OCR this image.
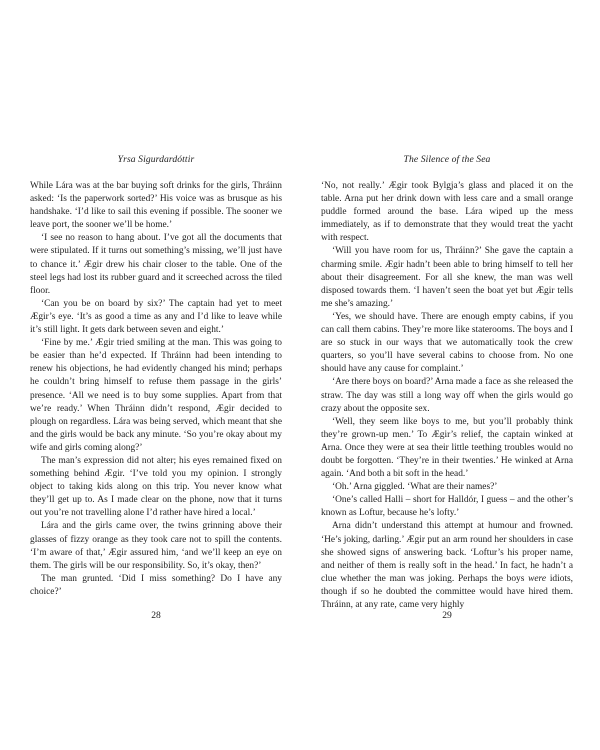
Yrsa Sigurdardóttir

While Lára was at the bar buying soft drinks for the girls, Thráinn asked: ‘Is the paperwork sorted?’ His voice was as brusque as his handshake. ‘I’d like to sail this evening if possible. The sooner we leave port, the sooner we’ll be home.’

‘I see no reason to hang about. I’ve got all the documents that were stipulated. If it turns out something’s missing, we’ll just have to chance it.’ Ægir drew his chair closer to the table. One of the steel legs had lost its rubber guard and it screeched across the tiled floor.

‘Can you be on board by six?’ The captain had yet to meet Ægir’s eye. ‘It’s as good a time as any and I’d like to leave while it’s still light. It gets dark between seven and eight.’

‘Fine by me.’ Ægir tried smiling at the man. This was going to be easier than he’d expected. If Thráinn had been intending to renew his objections, he had evidently changed his mind; perhaps he couldn’t bring himself to refuse them passage in the girls’ presence. ‘All we need is to buy some supplies. Apart from that we’re ready.’ When Thráinn didn’t respond, Ægir decided to plough on regardless. Lára was being served, which meant that she and the girls would be back any minute. ‘So you’re okay about my wife and girls coming along?’

The man’s expression did not alter; his eyes remained fixed on something behind Ægir. ‘I’ve told you my opinion. I strongly object to taking kids along on this trip. You never know what they’ll get up to. As I made clear on the phone, now that it turns out you’re not travelling alone I’d rather have hired a local.’

Lára and the girls came over, the twins grinning above their glasses of fizzy orange as they took care not to spill the contents. ‘I’m aware of that,’ Ægir assured him, ‘and we’ll keep an eye on them. The girls will be our responsibility. So, it’s okay, then?’

The man grunted. ‘Did I miss something? Do I have any choice?’

28
The Silence of the Sea

‘No, not really.’ Ægir took Bylgja’s glass and placed it on the table. Arna put her drink down with less care and a small orange puddle formed around the base. Lára wiped up the mess immediately, as if to demonstrate that they would treat the yacht with respect.

‘Will you have room for us, Thráinn?’ She gave the captain a charming smile. Ægir hadn’t been able to bring himself to tell her about their disagreement. For all she knew, the man was well disposed towards them. ‘I haven’t seen the boat yet but Ægir tells me she’s amazing.’

‘Yes, we should have. There are enough empty cabins, if you can call them cabins. They’re more like staterooms. The boys and I are so stuck in our ways that we automatically took the crew quarters, so you’ll have several cabins to choose from. No one should have any cause for complaint.’

‘Are there boys on board?’ Arna made a face as she released the straw. The day was still a long way off when the girls would go crazy about the opposite sex.

‘Well, they seem like boys to me, but you’ll probably think they’re grown-up men.’ To Ægir’s relief, the captain winked at Arna. Once they were at sea their little teething troubles would no doubt be forgotten. ‘They’re in their twenties.’ He winked at Arna again. ‘And both a bit soft in the head.’

‘Oh.’ Arna giggled. ‘What are their names?’

‘One’s called Halli – short for Halldór, I guess – and the other’s known as Loftur, because he’s lofty.’

Arna didn’t understand this attempt at humour and frowned. ‘He’s joking, darling.’ Ægir put an arm round her shoulders in case she showed signs of answering back. ‘Loftur’s his proper name, and neither of them is really soft in the head.’ In fact, he hadn’t a clue whether the man was joking. Perhaps the boys were idiots, though if so he doubted the committee would have hired them. Thráinn, at any rate, came very highly

29
